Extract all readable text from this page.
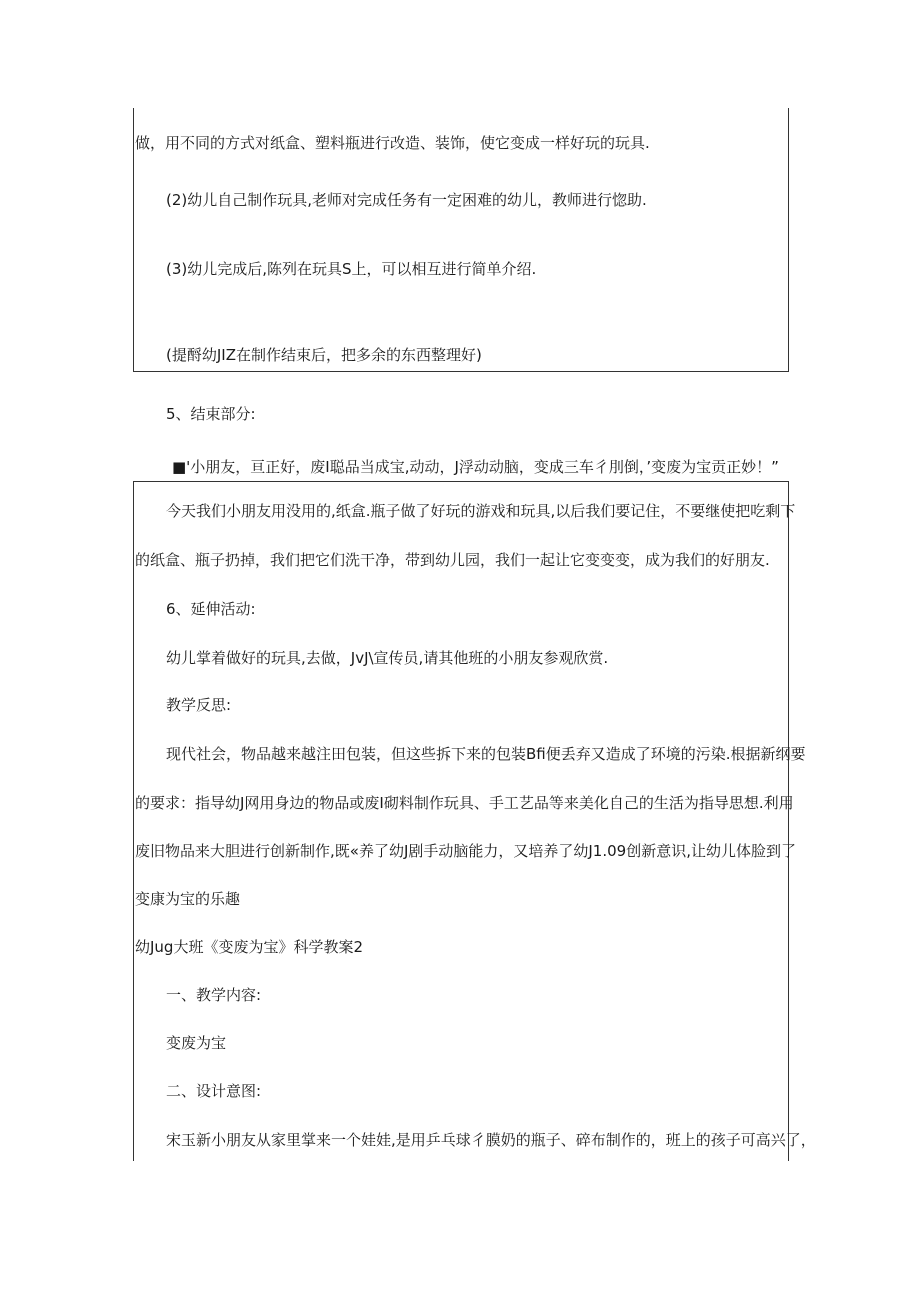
做，用不同的方式对纸盒、塑料瓶进行改造、装饰，使它变成一样好玩的玩具.
(2)幼儿自己制作玩具,老师对完成任务有一定困难的幼儿，教师进行惚助.
(3)幼儿完成后,陈列在玩具S上，可以相互进行简单介绍.
(提酹幼JIZ在制作结束后，把多余的东西整理好)
5、结束部分:
■'小朋友，亘正好，废I聪品当成宝,动动，J浮动动脑，变成三车彳刖倒，’变废为宝贡正妙！”
今天我们小朋友用没用的,纸盒.瓶子做了好玩的游戏和玩具,以后我们要记住，不要继使把吃剩下
的纸盒、瓶子扔掉，我们把它们洗干净，带到幼儿园，我们一起让它变变变，成为我们的好朋友.
6、延伸活动:
幼儿掌着做好的玩具,去做，JvJ\宣传员,请其他班的小朋友参观欣赏.
教学反思:
现代社会，物品越来越注田包装，但这些拆下来的包装Bfi便丢弃又造成了环境的污染.根据新纲要
的要求：指导幼J网用身边的物品或废I砌料制作玩具、手工艺品等来美化自己的生活为指导思想.利用
废旧物品来大胆进行创新制作,既«养了幼J剧手动脑能力，又培养了幼J1.09创新意识,让幼儿体脸到了
变康为宝的乐趣
幼Jug大班《变废为宝》科学教案2
一、教学内容:
变废为宝
二、设计意图:
宋玉新小朋友从家里掌来一个娃娃,是用乒乓球彳膜奶的瓶子、碎布制作的，班上的孩子可高兴了，
